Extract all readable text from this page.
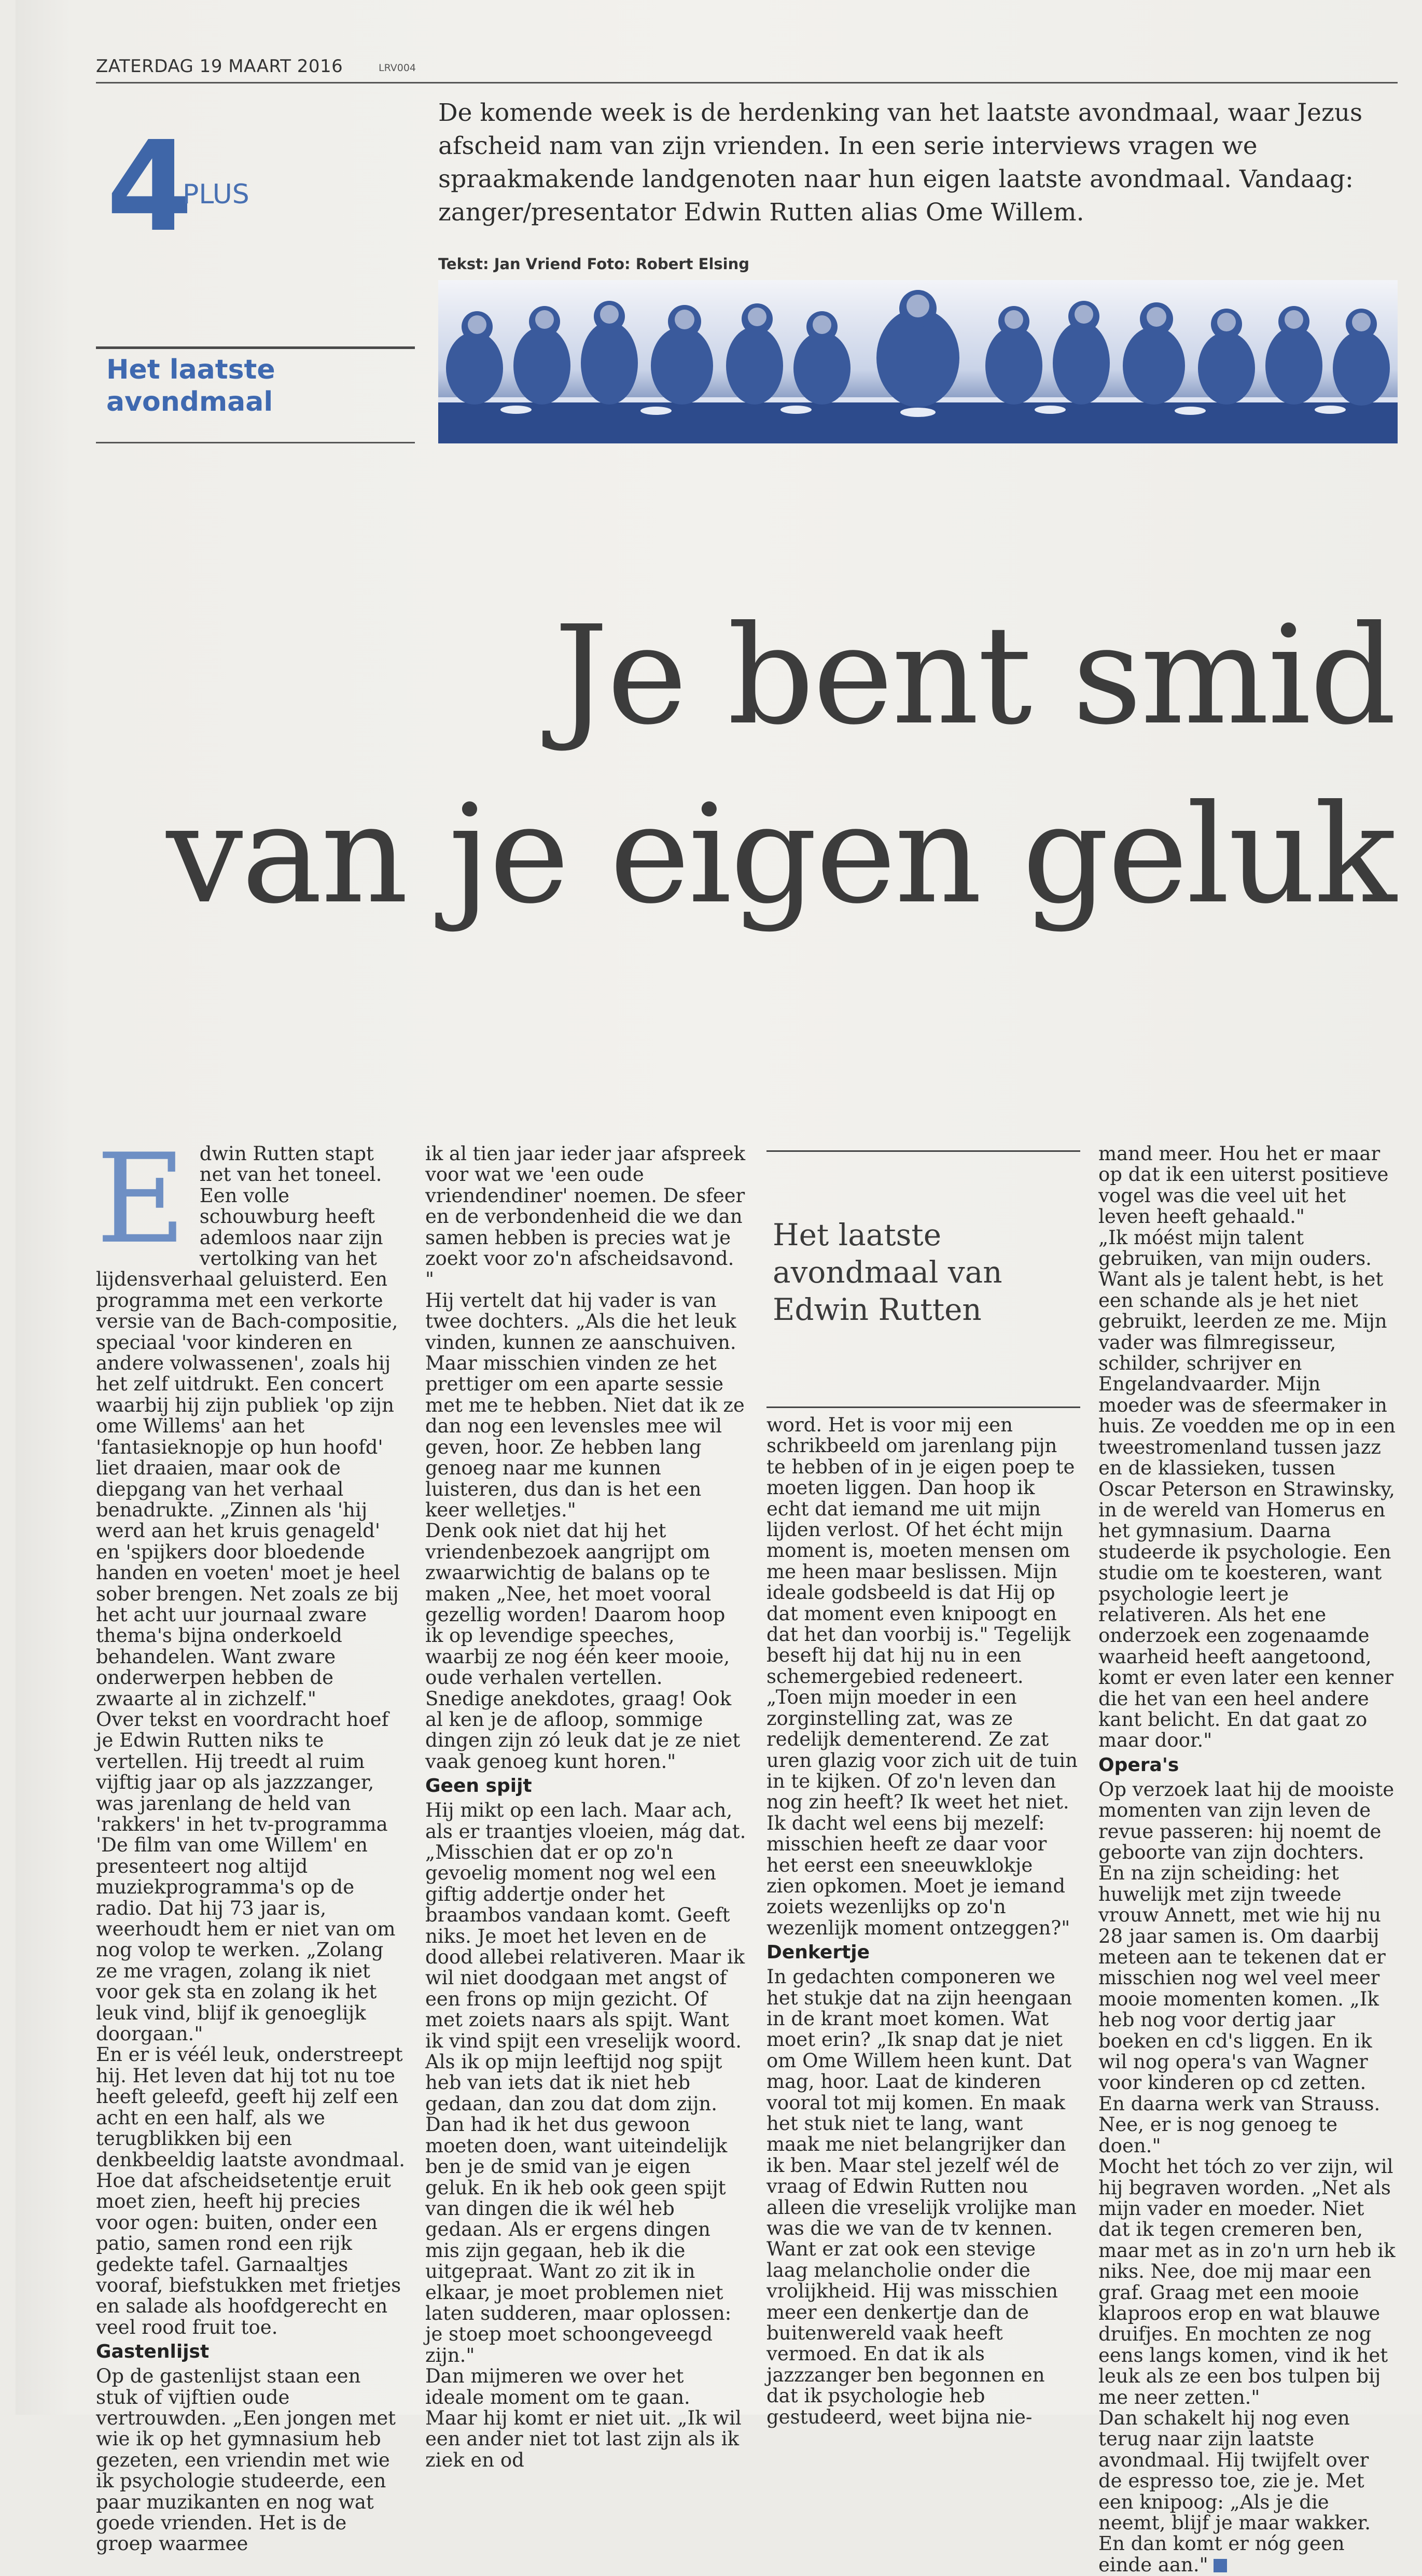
ZATERDAG 19 MAART 2016	LRV004
4
PLUS
Het laatste avondmaal
De komende week is de herdenking van het laatste avondmaal, waar Jezus afscheid nam van zijn vrienden. In een serie interviews vragen we spraakmakende landgenoten naar hun eigen laatste avondmaal. Vandaag: zanger/presentator Edwin Rutten alias Ome Willem.
Tekst: Jan Vriend Foto: Robert Elsing
Je bent smid
van je eigen geluk
E dwin Rutten stapt net van het toneel. Een volle schouwburg heeft ademloos naar zijn vertolking van het lijdensverhaal geluisterd. Een programma met een verkorte versie van de Bach-compositie, speciaal 'voor kinderen en andere volwassenen', zoals hij het zelf uitdrukt. Een concert waarbij hij zijn publiek 'op zijn ome Willems' aan het 'fantasieknopje op hun hoofd' liet draaien, maar ook de diepgang van het verhaal benadrukte. „Zinnen als 'hij werd aan het kruis genageld' en 'spijkers door bloedende handen en voeten' moet je heel sober brengen. Net zoals ze bij het acht uur journaal zware thema's bijna onderkoeld behandelen. Want zware onderwerpen hebben de zwaarte al in zichzelf."

Over tekst en voordracht hoef je Edwin Rutten niks te vertellen. Hij treedt al ruim vijftig jaar op als jazzzanger, was jarenlang de held van 'rakkers' in het tv-programma 'De film van ome Willem' en presenteert nog altijd muziekprogramma's op de radio. Dat hij 73 jaar is, weerhoudt hem er niet van om nog volop te werken. „Zolang ze me vragen, zolang ik niet voor gek sta en zolang ik het leuk vind, blijf ik genoeglijk doorgaan."

En er is véél leuk, onderstreept hij. Het leven dat hij tot nu toe heeft geleefd, geeft hij zelf een acht en een half, als we terugblikken bij een denkbeeldig laatste avondmaal. Hoe dat afscheidsetentje eruit moet zien, heeft hij precies voor ogen: buiten, onder een patio, samen rond een rijk gedekte tafel. Garnaaltjes vooraf, biefstukken met frietjes en salade als hoofdgerecht en veel rood fruit toe.

Gastenlijst

Op de gastenlijst staan een stuk of vijftien oude vertrouwden. „Een jongen met wie ik op het gymnasium heb gezeten, een vriendin met wie ik psychologie studeerde, een paar muzikanten en nog wat goede vrienden. Het is de groep waarmee

ik al tien jaar ieder jaar afspreek voor wat we 'een oude vriendendiner' noemen. De sfeer en de verbondenheid die we dan samen hebben is precies wat je zoekt voor zo'n afscheidsavond. "

Hij vertelt dat hij vader is van twee dochters. „Als die het leuk vinden, kunnen ze aanschuiven. Maar misschien vinden ze het prettiger om een aparte sessie met me te hebben. Niet dat ik ze dan nog een levensles mee wil geven, hoor. Ze hebben lang genoeg naar me kunnen luisteren, dus dan is het een keer welletjes."

Denk ook niet dat hij het vriendenbezoek aangrijpt om zwaarwichtig de balans op te maken „Nee, het moet vooral gezellig worden! Daarom hoop ik op levendige speeches, waarbij ze nog één keer mooie, oude verhalen vertellen. Snedige anekdotes, graag! Ook al ken je de afloop, sommige dingen zijn zó leuk dat je ze niet vaak genoeg kunt horen."

Geen spijt

Hij mikt op een lach. Maar ach, als er traantjes vloeien, mág dat. „Misschien dat er op zo'n gevoelig moment nog wel een giftig addertje onder het braambos vandaan komt. Geeft niks. Je moet het leven en de dood allebei relativeren. Maar ik wil niet doodgaan met angst of een frons op mijn gezicht. Of met zoiets naars als spijt. Want ik vind spijt een vreselijk woord. Als ik op mijn leeftijd nog spijt heb van iets dat ik niet heb gedaan, dan zou dat dom zijn. Dan had ik het dus gewoon moeten doen, want uiteindelijk ben je de smid van je eigen geluk. En ik heb ook geen spijt van dingen die ik wél heb gedaan. Als er ergens dingen mis zijn gegaan, heb ik die uitgepraat. Want zo zit ik in elkaar, je moet problemen niet laten sudderen, maar oplossen: je stoep moet schoongeveegd zijn."

Dan mijmeren we over het ideale moment om te gaan. Maar hij komt er niet uit. „Ik wil een ander niet tot last zijn als ik ziek en od

Het laatste avondmaal van Edwin Rutten

word. Het is voor mij een schrikbeeld om jarenlang pijn te hebben of in je eigen poep te moeten liggen. Dan hoop ik echt dat iemand me uit mijn lijden verlost. Of het écht mijn moment is, moeten mensen om me heen maar beslissen. Mijn ideale godsbeeld is dat Hij op dat moment even knipoogt en dat het dan voorbij is." Tegelijk beseft hij dat hij nu in een schemergebied redeneert. „Toen mijn moeder in een zorginstelling zat, was ze redelijk dementerend. Ze zat uren glazig voor zich uit de tuin in te kijken. Of zo'n leven dan nog zin heeft? Ik weet het niet. Ik dacht wel eens bij mezelf: misschien heeft ze daar voor het eerst een sneeuwklokje zien opkomen. Moet je iemand zoiets wezenlijks op zo'n wezenlijk moment ontzeggen?"

Denkertje

In gedachten componeren we het stukje dat na zijn heengaan in de krant moet komen. Wat moet erin? „Ik snap dat je niet om Ome Willem heen kunt. Dat mag, hoor. Laat de kinderen vooral tot mij komen. En maak het stuk niet te lang, want maak me niet belangrijker dan ik ben. Maar stel jezelf wél de vraag of Edwin Rutten nou alleen die vreselijk vrolijke man was die we van de tv kennen. Want er zat ook een stevige laag melancholie onder die vrolijkheid. Hij was misschien meer een denkertje dan de buitenwereld vaak heeft vermoed. En dat ik als jazzzanger ben begonnen en dat ik psychologie heb gestudeerd, weet bijna nie-

mand meer. Hou het er maar op dat ik een uiterst positieve vogel was die veel uit het leven heeft gehaald."

„Ik móést mijn talent gebruiken, van mijn ouders. Want als je talent hebt, is het een schande als je het niet gebruikt, leerden ze me. Mijn vader was filmregisseur, schilder, schrijver en Engelandvaarder. Mijn moeder was de sfeermaker in huis. Ze voedden me op in een tweestromenland tussen jazz en de klassieken, tussen Oscar Peterson en Strawinsky, in de wereld van Homerus en het gymnasium. Daarna studeerde ik psychologie. Een studie om te koesteren, want psychologie leert je relativeren. Als het ene onderzoek een zogenaamde waarheid heeft aangetoond, komt er even later een kenner die het van een heel andere kant belicht. En dat gaat zo maar door."

Opera's

Op verzoek laat hij de mooiste momenten van zijn leven de revue passeren: hij noemt de geboorte van zijn dochters. En na zijn scheiding: het huwelijk met zijn tweede vrouw Annett, met wie hij nu 28 jaar samen is. Om daarbij meteen aan te tekenen dat er misschien nog wel veel meer mooie momenten komen. „Ik heb nog voor dertig jaar boeken en cd's liggen. En ik wil nog opera's van Wagner voor kinderen op cd zetten. En daarna werk van Strauss. Nee, er is nog genoeg te doen."

Mocht het tóch zo ver zijn, wil hij begraven worden. „Net als mijn vader en moeder. Niet dat ik tegen cremeren ben, maar met as in zo'n urn heb ik niks. Nee, doe mij maar een graf. Graag met een mooie klaproos erop en wat blauwe druifjes. En mochten ze nog eens langs komen, vind ik het leuk als ze een bos tulpen bij me neer zetten."

Dan schakelt hij nog even terug naar zijn laatste avondmaal. Hij twijfelt over de espresso toe, zie je. Met een knipoog: „Als je die neemt, blijf je maar wakker. En dan komt er nóg geen einde aan."
